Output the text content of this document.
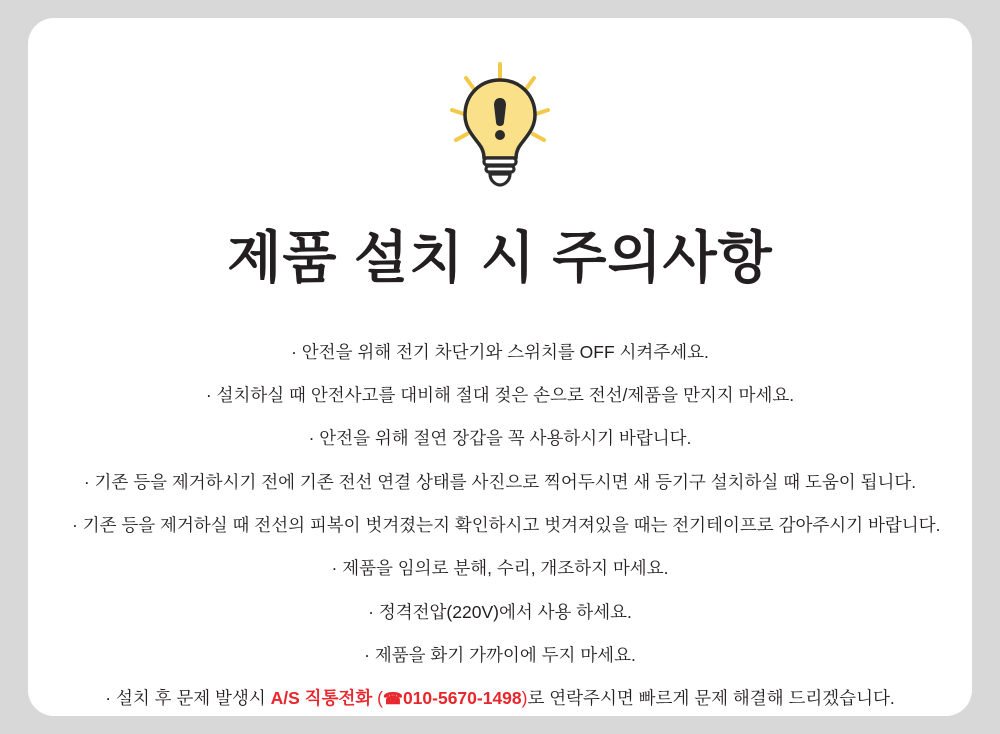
제품 설치 시 주의사항
· 안전을 위해 전기 차단기와 스위치를 OFF 시켜주세요.
· 설치하실 때 안전사고를 대비해 절대 젖은 손으로 전선/제품을 만지지 마세요.
· 안전을 위해 절연 장갑을 꼭 사용하시기 바랍니다.
· 기존 등을 제거하시기 전에 기존 전선 연결 상태를 사진으로 찍어두시면 새 등기구 설치하실 때 도움이 됩니다.
· 기존 등을 제거하실 때 전선의 피복이 벗겨졌는지 확인하시고 벗겨져있을 때는 전기테이프로 감아주시기 바랍니다.
· 제품을 임의로 분해, 수리, 개조하지 마세요.
· 정격전압(220V)에서 사용 하세요.
· 제품을 화기 가까이에 두지 마세요.
· 설치 후 문제 발생시 A/S 직통전화 (☎010-5670-1498)로 연락주시면 빠르게 문제 해결해 드리겠습니다.
